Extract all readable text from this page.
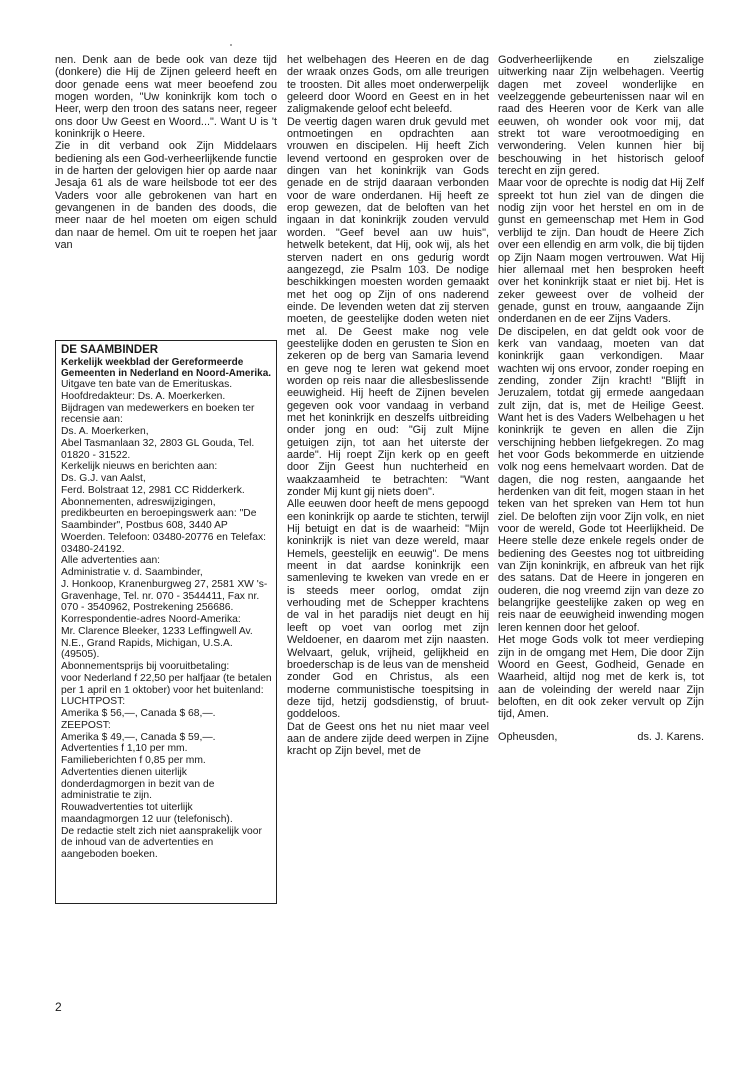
nen. Denk aan de bede ook van deze tijd (donkere) die Hij de Zijnen geleerd heeft en door genade eens wat meer beoefend zou mogen worden, "Uw koninkrijk kom toch o Heer, werp den troon des satans neer, regeer ons door Uw Geest en Woord...". Want U is 't koninkrijk o Heere.

Zie in dit verband ook Zijn Middelaars bediening als een God-verheerlijkende functie in de harten der gelovigen hier op aarde naar Jesaja 61 als de ware heilsbode tot eer des Vaders voor alle gebrokenen van hart en gevangenen in de banden des doods, die meer naar de hel moeten om eigen schuld dan naar de hemel. Om uit te roepen het jaar van

DE SAAMBINDER

Kerkelijk weekblad der Gereformeerde Gemeenten in Nederland en Noord-Amerika.

Uitgave ten bate van de Emerituskas.

Hoofdredakteur: Ds. A. Moerkerken.

Bijdragen van medewerkers en boeken ter recensie aan:

Ds. A. Moerkerken,

Abel Tasmanlaan 32, 2803 GL Gouda, Tel. 01820 - 31522.

Kerkelijk nieuws en berichten aan:

Ds. G.J. van Aalst,

Ferd. Bolstraat 12, 2981 CC Ridderkerk.

Abonnementen, adreswijzigingen, predikbeurten en beroepingswerk aan: "De Saambinder", Postbus 608, 3440 AP Woerden. Telefoon: 03480-20776 en Telefax: 03480-24192.

Alle advertenties aan:

Administratie v. d. Saambinder,

J. Honkoop, Kranenburgweg 27, 2581 XW 's-Gravenhage, Tel. nr. 070 - 3544411, Fax nr. 070 - 3540962, Postrekening 256686.

Korrespondentie-adres Noord-Amerika:

Mr. Clarence Bleeker, 1233 Leffingwell Av. N.E., Grand Rapids, Michigan, U.S.A. (49505).

Abonnementsprijs bij vooruitbetaling:

voor Nederland f 22,50 per halfjaar (te betalen per 1 april en 1 oktober) voor het buitenland:

LUCHTPOST:

Amerika $ 56,—, Canada $ 68,—.

ZEEPOST:

Amerika $ 49,—, Canada $ 59,—.

Advertenties f 1,10 per mm.

Familieberichten f 0,85 per mm.

Advertenties dienen uiterlijk donderdagmorgen in bezit van de administratie te zijn.

Rouwadvertenties tot uiterlijk maandagmorgen 12 uur (telefonisch).

De redactie stelt zich niet aansprakelijk voor de inhoud van de advertenties en aangeboden boeken.

het welbehagen des Heeren en de dag der wraak onzes Gods, om alle treurigen te troosten. Dit alles moet onderwerpelijk geleerd door Woord en Geest en in het zaligmakende geloof echt beleefd.

De veertig dagen waren druk gevuld met ontmoetingen en opdrachten aan vrouwen en discipelen. Hij heeft Zich levend vertoond en gesproken over de dingen van het koninkrijk van Gods genade en de strijd daaraan verbonden voor de ware onderdanen. Hij heeft ze erop gewezen, dat de beloften van het ingaan in dat koninkrijk zouden vervuld worden. "Geef bevel aan uw huis", hetwelk betekent, dat Hij, ook wij, als het sterven nadert en ons gedurig wordt aangezegd, zie Psalm 103. De nodige beschikkingen moesten worden gemaakt met het oog op Zijn of ons naderend einde. De levenden weten dat zij sterven moeten, de geestelijke doden weten niet met al. De Geest make nog vele geestelijke doden en gerusten te Sion en zekeren op de berg van Samaria levend en geve nog te leren wat gekend moet worden op reis naar die allesbeslissende eeuwigheid. Hij heeft de Zijnen bevelen gegeven ook voor vandaag in verband met het koninkrijk en deszelfs uitbreiding onder jong en oud: "Gij zult Mijne getuigen zijn, tot aan het uiterste der aarde". Hij roept Zijn kerk op en geeft door Zijn Geest hun nuchterheid en waakzaamheid te betrachten: "Want zonder Mij kunt gij niets doen".

Alle eeuwen door heeft de mens gepoogd een koninkrijk op aarde te stichten, terwijl Hij betuigt en dat is de waarheid: "Mijn koninkrijk is niet van deze wereld, maar Hemels, geestelijk en eeuwig". De mens meent in dat aardse koninkrijk een samenleving te kweken van vrede en er is steeds meer oorlog, omdat zijn verhouding met de Schepper krachtens de val in het paradijs niet deugt en hij leeft op voet van oorlog met zijn Weldoener, en daarom met zijn naasten. Welvaart, geluk, vrijheid, gelijkheid en broederschap is de leus van de mensheid zonder God en Christus, als een moderne communistische toespitsing in deze tijd, hetzij godsdienstig, of bruut-goddeloos.

Dat de Geest ons het nu niet maar veel aan de andere zijde deed werpen in Zijne kracht op Zijn bevel, met de

Godverheerlijkende en zielszalige uitwerking naar Zijn welbehagen. Veertig dagen met zoveel wonderlijke en veelzeggende gebeurtenissen naar wil en raad des Heeren voor de Kerk van alle eeuwen, oh wonder ook voor mij, dat strekt tot ware verootmoediging en verwondering. Velen kunnen hier bij beschouwing in het historisch geloof terecht en zijn gered.

Maar voor de oprechte is nodig dat Hij Zelf spreekt tot hun ziel van de dingen die nodig zijn voor het herstel en om in de gunst en gemeenschap met Hem in God verblijd te zijn. Dan houdt de Heere Zich over een ellendig en arm volk, die bij tijden op Zijn Naam mogen vertrouwen. Wat Hij hier allemaal met hen besproken heeft over het koninkrijk staat er niet bij. Het is zeker geweest over de volheid der genade, gunst en trouw, aangaande Zijn onderdanen en de eer Zijns Vaders.

De discipelen, en dat geldt ook voor de kerk van vandaag, moeten van dat koninkrijk gaan verkondigen. Maar wachten wij ons ervoor, zonder roeping en zending, zonder Zijn kracht! "Blijft in Jeruzalem, totdat gij ermede aangedaan zult zijn, dat is, met de Heilige Geest. Want het is des Vaders Welbehagen u het koninkrijk te geven en allen die Zijn verschijning hebben liefgekregen. Zo mag het voor Gods bekommerde en uitziende volk nog eens hemelvaart worden. Dat de dagen, die nog resten, aangaande het herdenken van dit feit, mogen staan in het teken van het spreken van Hem tot hun ziel. De beloften zijn voor Zijn volk, en niet voor de wereld, Gode tot Heerlijkheid. De Heere stelle deze enkele regels onder de bediening des Geestes nog tot uitbreiding van Zijn koninkrijk, en afbreuk van het rijk des satans. Dat de Heere in jongeren en ouderen, die nog vreemd zijn van deze zo belangrijke geestelijke zaken op weg en reis naar de eeuwigheid inwending mogen leren kennen door het geloof.

Het moge Gods volk tot meer verdieping zijn in de omgang met Hem, Die door Zijn Woord en Geest, Godheid, Genade en Waarheid, altijd nog met de kerk is, tot aan de voleinding der wereld naar Zijn beloften, en dit ook zeker vervult op Zijn tijd, Amen.

Opheusden,	ds. J. Karens.

2
